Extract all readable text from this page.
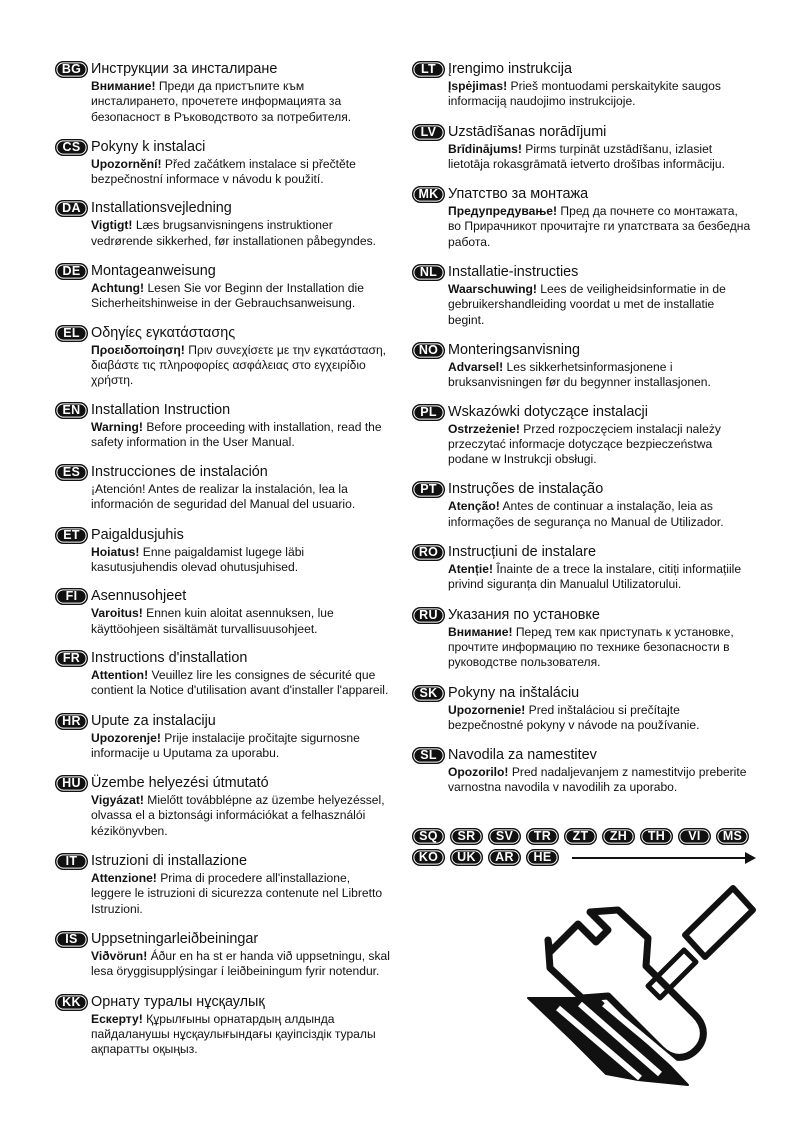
BG Инструкции за инсталиране
Внимание! Преди да пристъпите към инсталирането, прочетете информацията за безопасност в Ръководството за потребителя.
CS Pokyny k instalaci
Upozornění! Před začátkem instalace si přečtěte bezpečnostní informace v návodu k použití.
DA Installationsvejledning
Vigtigt! Læs brugsanvisningens instruktioner vedrørende sikkerhed, før installationen påbegyndes.
DE Montageanweisung
Achtung! Lesen Sie vor Beginn der Installation die Sicherheitshinweise in der Gebrauchsanweisung.
EL Οδηγίες εγκατάστασης
Προειδοποίηση! Πριν συνεχίσετε με την εγκατάσταση, διαβάστε τις πληροφορίες ασφάλειας στο εγχειρίδιο χρήστη.
EN Installation Instruction
Warning! Before proceeding with installation, read the safety information in the User Manual.
ES Instrucciones de instalación
¡Atención! Antes de realizar la instalación, lea la información de seguridad del Manual del usuario.
ET Paigaldusjuhis
Hoiatus! Enne paigaldamist lugege läbi kasutusjuhendis olevad ohutusjuhised.
FI Asennusohjeet
Varoitus! Ennen kuin aloitat asennuksen, lue käyttöohjeen sisältämät turvallisuusohjeet.
FR Instructions d'installation
Attention! Veuillez lire les consignes de sécurité que contient la Notice d'utilisation avant d'installer l'appareil.
HR Upute za instalaciju
Upozorenje! Prije instalacije pročitajte sigurnosne informacije u Uputama za uporabu.
HU Üzembe helyezési útmutató
Vigyázat! Mielőtt továbblépne az üzembe helyezéssel, olvassa el a biztonsági információkat a felhasználói kézikönyvben.
IT Istruzioni di installazione
Attenzione! Prima di procedere all'installazione, leggere le istruzioni di sicurezza contenute nel Libretto Istruzioni.
IS Uppsetningarleiðbeiningar
Viðvörun! Áður en ha st er handa við uppsetningu, skal lesa öryggisupplýsingar í leiðbeiningum fyrir notendur.
KK Орнату туралы нұсқаулық
Ескерту! Құрылғыны орнатардың алдында пайдаланушы нұсқаулығындағы қауіпсіздік туралы ақпаратты оқыңыз.
LT Įrengimo instrukcija
Įspėjimas! Prieš montuodami perskaitykite saugos informaciją naudojimo instrukcijoje.
LV Uzstādīšanas norādījumi
Brīdinājums! Pirms turpināt uzstādīšanu, izlasiet lietotāja rokasgrāmatā ietverto drošības informāciju.
MK Упатство за монтажа
Предупредување! Пред да почнете со монтажата, во Прирачникот прочитајте ги упатствата за безбедна работа.
NL Installatie-instructies
Waarschuwing! Lees de veiligheidsinformatie in de gebruikershandleiding voordat u met de installatie begint.
NO Monteringsanvisning
Advarsel! Les sikkerhetsinformasjonene i bruksanvisningen før du begynner installasjonen.
PL Wskazówki dotyczące instalacji
Ostrzeżenie! Przed rozpoczęciem instalacji należy przeczytać informacje dotyczące bezpieczeństwa podane w Instrukcji obsługi.
PT Instruções de instalação
Atenção! Antes de continuar a instalação, leia as informações de segurança no Manual de Utilizador.
RO Instrucțiuni de instalare
Atenție! Înainte de a trece la instalare, citiți informațiile privind siguranța din Manualul Utilizatorului.
RU Указания по установке
Внимание! Перед тем как приступать к установке, прочтите информацию по технике безопасности в руководстве пользователя.
SK Pokyny na inštaláciu
Upozornenie! Pred inštaláciou si prečítajte bezpečnostné pokyny v návode na používanie.
SL Navodila za namestitev
Opozorilo! Pred nadaljevanjem z namestitvijo preberite varnostna navodila v navodilih za uporabo.
SQ	SR	SV	TR	ZT	ZH	TH	VI	MS
KO	UK	AR	HE
